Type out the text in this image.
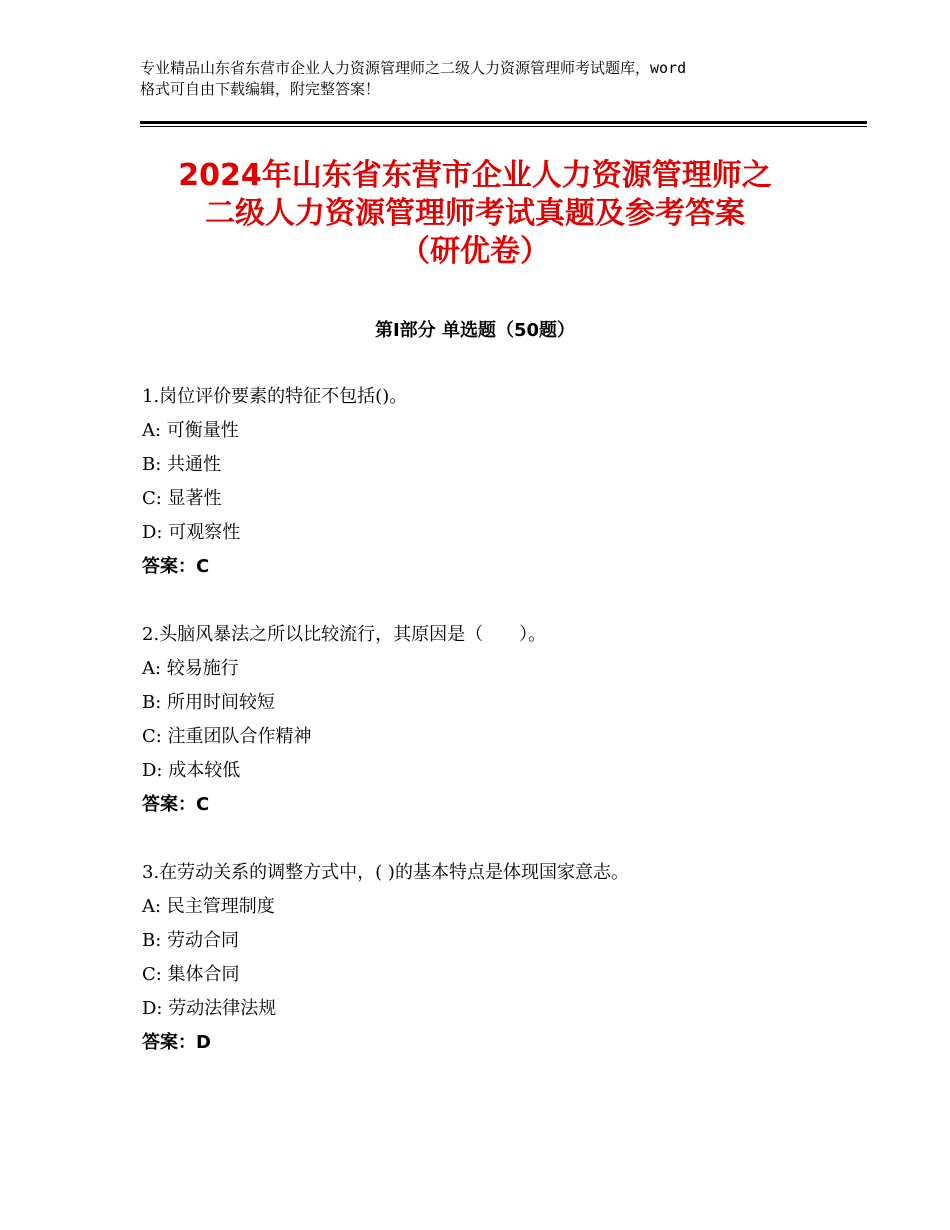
专业精品山东省东营市企业人力资源管理师之二级人力资源管理师考试题库，word
格式可自由下载编辑，附完整答案！
2024年山东省东营市企业人力资源管理师之
二级人力资源管理师考试真题及参考答案
（研优卷）
第Ⅰ部分 单选题（50题）
1.岗位评价要素的特征不包括()。
A: 可衡量性
B: 共通性
C: 显著性
D: 可观察性
答案：C
2.头脑风暴法之所以比较流行，其原因是（　　）。
A: 较易施行
B: 所用时间较短
C: 注重团队合作精神
D: 成本较低
答案：C
3.在劳动关系的调整方式中，( )的基本特点是体现国家意志。
A: 民主管理制度
B: 劳动合同
C: 集体合同
D: 劳动法律法规
答案：D
